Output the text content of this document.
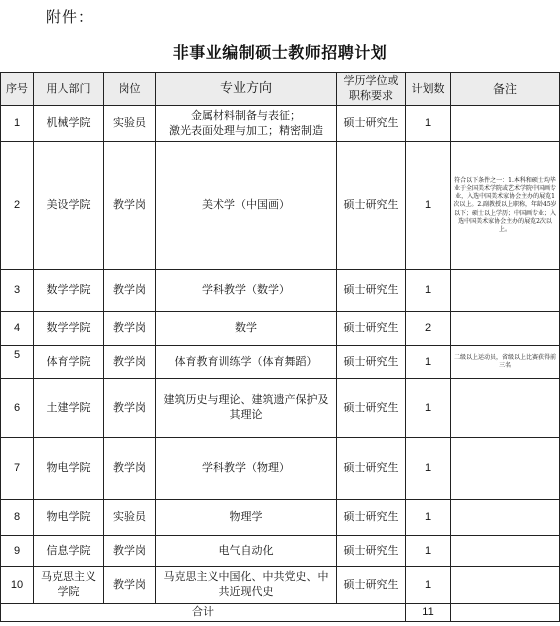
附件：
非事业编制硕士教师招聘计划
序号	用人部门	岗位	专业方向	学历学位或职称要求	计划数	备注
1	机械学院	实验员	金属材料制备与表征；
激光表面处理与加工；精密制造	硕士研究生	1	
2	美设学院	教学岗	美术学（中国画）	硕士研究生	1	符合以下条件之一：1.本科和硕士均毕业于全国美术学院或艺术学院中国画专业，入选中国美术家协会主办的展览1次以上。2.副教授以上职称，年龄45岁以下；硕士以上学历；中国画专业；入选中国美术家协会主办的展览2次以上。
3	数学学院	教学岗	学科教学（数学）	硕士研究生	1	
4	数学学院	教学岗	数学	硕士研究生	2	
5	体育学院	教学岗	体育教育训练学（体育舞蹈）	硕士研究生	1	二级以上运动员，省级以上比赛获得前三名
6	土建学院	教学岗	建筑历史与理论、建筑遗产保护及
其理论	硕士研究生	1	
7	物电学院	教学岗	学科教学（物理）	硕士研究生	1	
8	物电学院	实验员	物理学	硕士研究生	1	
9	信息学院	教学岗	电气自动化	硕士研究生	1	
10	马克思主义学院	教学岗	马克思主义中国化、中共党史、中
共近现代史	硕士研究生	1	
合计					11	
